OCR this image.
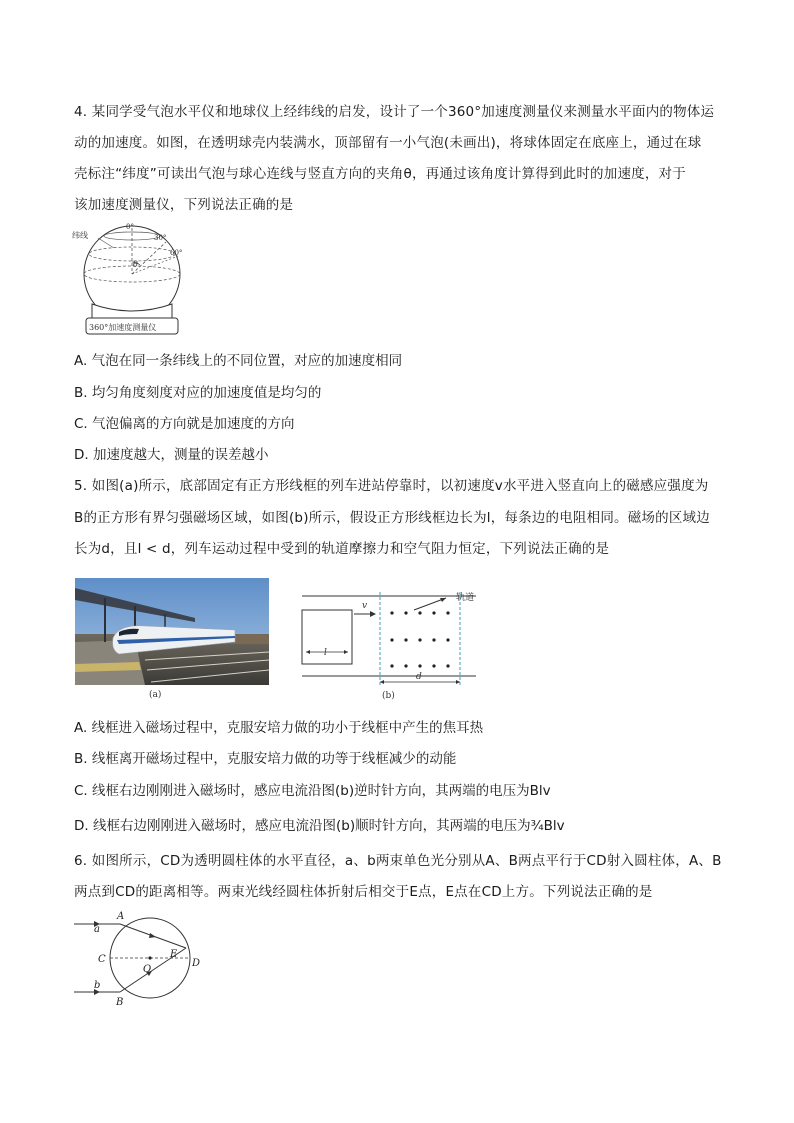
4. 某同学受气泡水平仪和地球仪上经纬线的启发，设计了一个360°加速度测量仪来测量水平面内的物体运
动的加速度。如图，在透明球壳内装满水，顶部留有一小气泡(未画出)，将球体固定在底座上，通过在球
壳标注“纬度”可读出气泡与球心连线与竖直方向的夹角θ，再通过该角度计算得到此时的加速度，对于
该加速度测量仪，下列说法正确的是
纬线
0°
30°
60°
θ
360°加速度测量仪
A. 气泡在同一条纬线上的不同位置，对应的加速度相同
B. 均匀角度刻度对应的加速度值是均匀的
C. 气泡偏离的方向就是加速度的方向
D. 加速度越大，测量的误差越小
5. 如图(a)所示，底部固定有正方形线框的列车进站停靠时，以初速度v水平进入竖直向上的磁感应强度为
B的正方形有界匀强磁场区域，如图(b)所示，假设正方形线框边长为l，每条边的电阻相同。磁场的区域边
长为d，且l < d，列车运动过程中受到的轨道摩擦力和空气阻力恒定，下列说法正确的是
(a)
轨道
v
l
d
(b)
A. 线框进入磁场过程中，克服安培力做的功小于线框中产生的焦耳热
B. 线框离开磁场过程中，克服安培力做的功等于线框减少的动能
C. 线框右边刚刚进入磁场时，感应电流沿图(b)逆时针方向，其两端的电压为Blv
D. 线框右边刚刚进入磁场时，感应电流沿图(b)顺时针方向，其两端的电压为¾Blv
6. 如图所示，CD为透明圆柱体的水平直径，a、b两束单色光分别从A、B两点平行于CD射入圆柱体，A、B
两点到CD的距离相等。两束光线经圆柱体折射后相交于E点，E点在CD上方。下列说法正确的是
A
B
C	D
E
O
a
b
